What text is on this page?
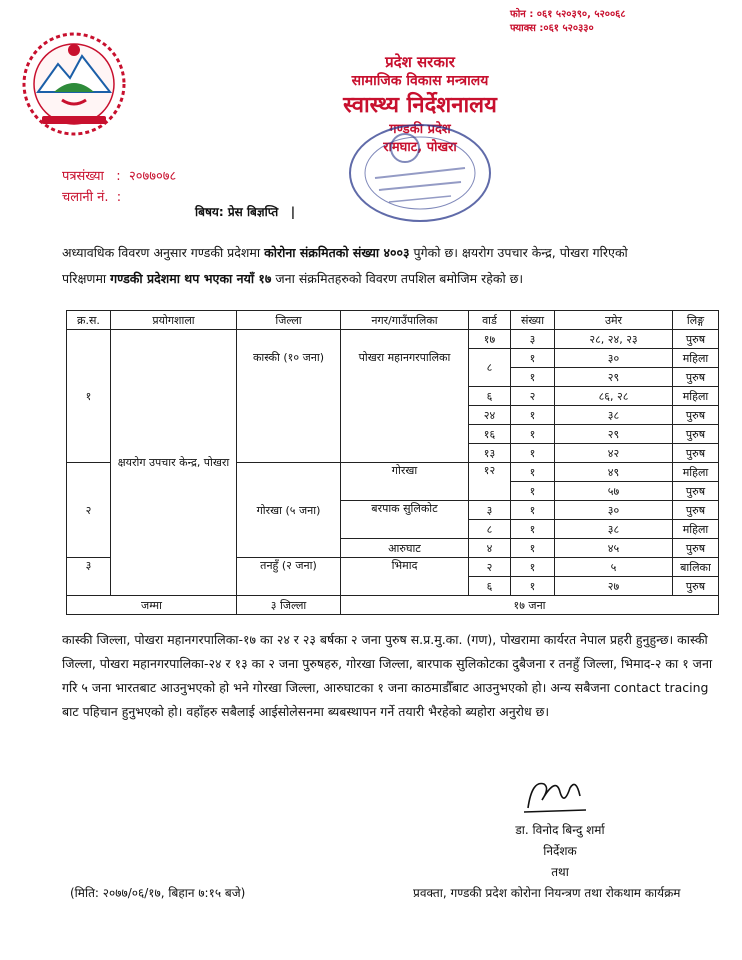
फोन : ०६१ ५२०३९०, ५२००६८
फ्याक्स :०६१ ५२०३३०
प्रदेश सरकार
सामाजिक विकास मन्त्रालय
स्वास्थ्य निर्देशनालय
गण्डकी प्रदेश
रामघाट, पोखरा
पत्रसंख्या   :  २०७७०७८
चलानी नं.  :
बिषय: प्रेस बिज्ञप्ति |
अध्यावधिक विवरण अनुसार गण्डकी प्रदेशमा कोरोना संक्रमितको संख्या ४००३ पुगेको छ। क्षयरोग उपचार केन्द्र, पोखरा गरिएको
परिक्षणमा गण्डकी प्रदेशमा थप भएका नयाँ १७ जना संक्रमितहरुको विवरण तपशिल बमोजिम रहेको छ।
क्र.स.	प्रयोगशाला	जिल्ला	नगर/गाउँपालिका	वार्ड	संख्या	उमेर	लिङ्ग
१	क्षयरोग उपचार केन्द्र, पोखरा	कास्की (१० जना)	पोखरा महानगरपालिका	१७	३	२८, २४, २३	पुरुष
				८	१	३०	महिला
					१	२९	पुरुष
				६	२	८६, २८	महिला
				२४	१	३८	पुरुष
				१६	१	२९	पुरुष
				१३	१	४२	पुरुष
२		गोरखा (५ जना)	गोरखा	१२	१	४९	महिला
					१	५७	पुरुष
			बरपाक सुलिकोट	३	१	३०	पुरुष
				८	१	३८	महिला
			आरुघाट	४	१	४५	पुरुष
३		तनहुँ (२ जना)	भिमाद	२	१	५	बालिका
				६	१	२७	पुरुष
जम्मा		३ जिल्ला	१७ जना				
कास्की जिल्ला, पोखरा महानगरपालिका-१७ का २४ र २३ बर्षका २ जना पुरुष स.प्र.मु.का. (गण), पोखरामा कार्यरत नेपाल प्रहरी हुनुहुन्छ। कास्की जिल्ला, पोखरा महानगरपालिका-२४ र १३ का २ जना पुरुषहरु, गोरखा जिल्ला, बारपाक सुलिकोटका दुबैजना र तनहुँ जिल्ला, भिमाद-२ का १ जना गरि ५ जना भारतबाट आउनुभएको हो भने गोरखा जिल्ला, आरुघाटका १ जना काठमाडौँबाट आउनुभएको हो। अन्य सबैजना contact tracing बाट पहिचान हुनुभएको हो। वहाँहरु सबैलाई आईसोलेसनमा ब्यबस्थापन गर्ने तयारी भैरहेको ब्यहोरा अनुरोध छ।
डा. विनोद बिन्दु शर्मा
निर्देशक
तथा
(मिति: २०७७/०६/१७, बिहान ७:१५ बजे)	प्रवक्ता, गण्डकी प्रदेश कोरोना नियन्त्रण तथा रोकथाम कार्यक्रम
